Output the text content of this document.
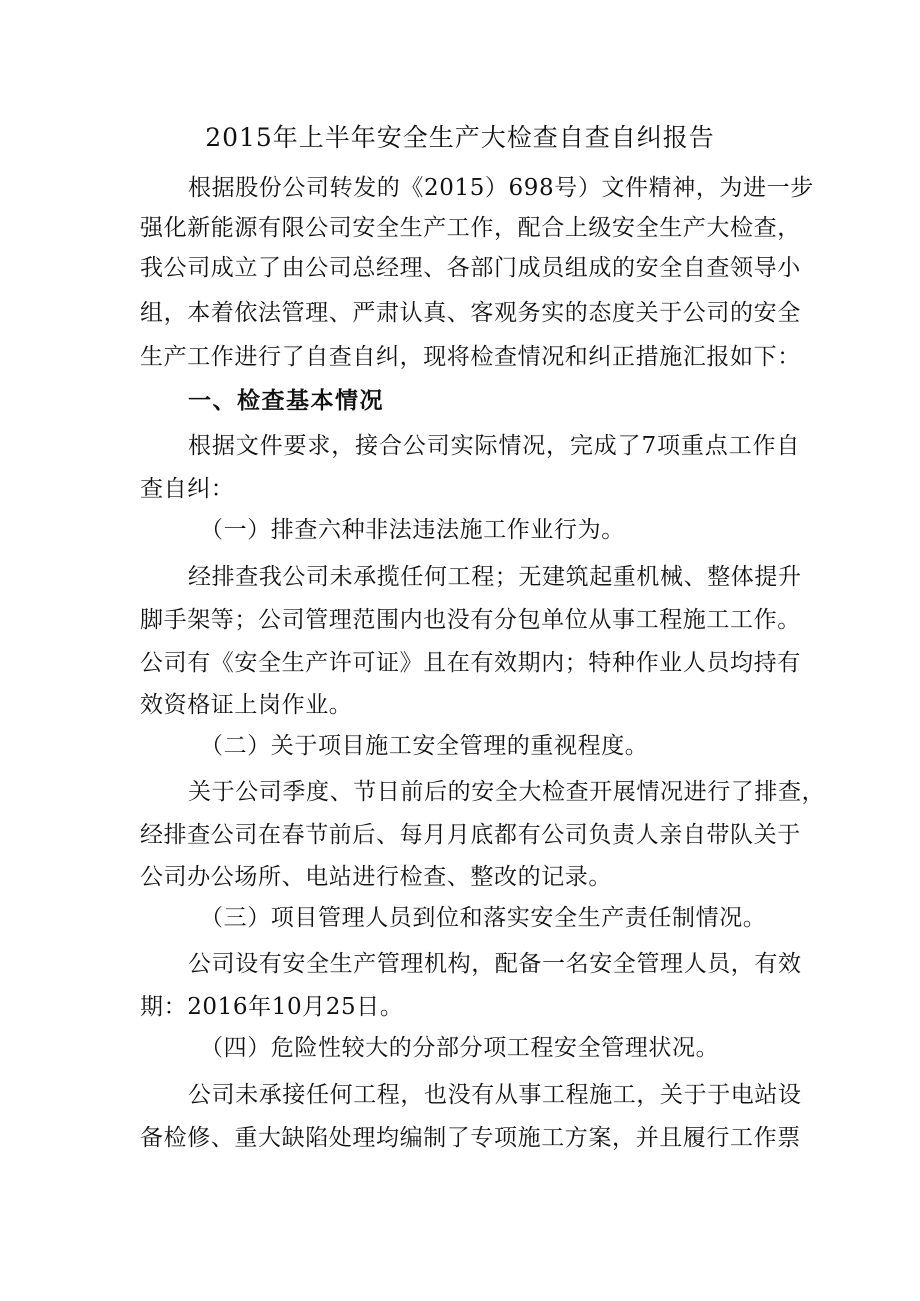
2015年上半年安全生产大检查自查自纠报告
根据股份公司转发的《2015）698号）文件精神，为进一步
强化新能源有限公司安全生产工作，配合上级安全生产大检查，
我公司成立了由公司总经理、各部门成员组成的安全自查领导小
组，本着依法管理、严肃认真、客观务实的态度关于公司的安全
生产工作进行了自查自纠，现将检查情况和纠正措施汇报如下：
一、检查基本情况
根据文件要求，接合公司实际情况，完成了7项重点工作自
查自纠：
（一）排查六种非法违法施工作业行为。
经排查我公司未承揽任何工程；无建筑起重机械、整体提升
脚手架等；公司管理范围内也没有分包单位从事工程施工工作。
公司有《安全生产许可证》且在有效期内；特种作业人员均持有
效资格证上岗作业。
（二）关于项目施工安全管理的重视程度。
关于公司季度、节日前后的安全大检查开展情况进行了排查，
经排查公司在春节前后、每月月底都有公司负责人亲自带队关于
公司办公场所、电站进行检查、整改的记录。
（三）项目管理人员到位和落实安全生产责任制情况。
公司设有安全生产管理机构，配备一名安全管理人员，有效
期：2016年10月25日。
（四）危险性较大的分部分项工程安全管理状况。
公司未承接任何工程，也没有从事工程施工，关于于电站设
备检修、重大缺陷处理均编制了专项施工方案，并且履行工作票
